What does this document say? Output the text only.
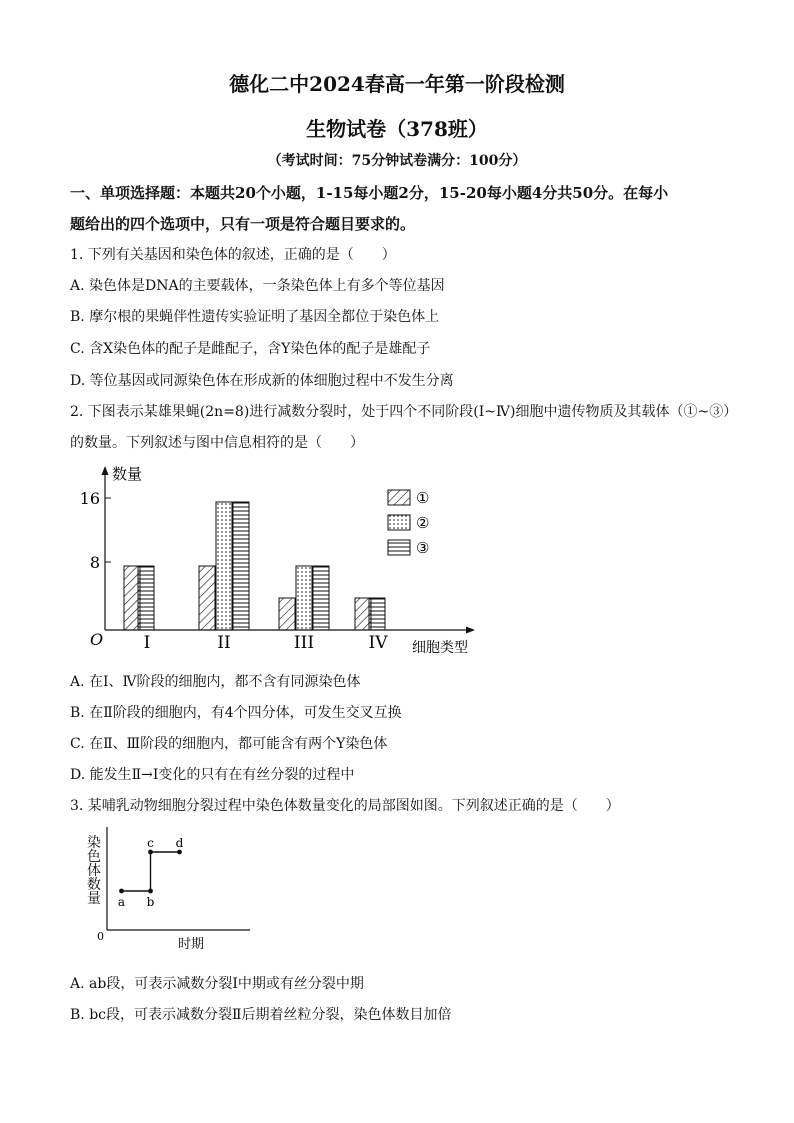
德化二中2024春高一年第一阶段检测
生物试卷（378班）
（考试时间：75分钟试卷满分：100分）
一、单项选择题：本题共20个小题，1-15每小题2分，15-20每小题4分共50分。在每小
题给出的四个选项中，只有一项是符合题目要求的。
1. 下列有关基因和染色体的叙述，正确的是（　　）
A. 染色体是DNA的主要载体，一条染色体上有多个等位基因
B. 摩尔根的果蝇伴性遗传实验证明了基因全都位于染色体上
C. 含X染色体的配子是雌配子，含Y染色体的配子是雄配子
D. 等位基因或同源染色体在形成新的体细胞过程中不发生分离
2. 下图表示某雄果蝇(2n=8)进行减数分裂时，处于四个不同阶段(I~Ⅳ)细胞中遗传物质及其载体（①~③）
的数量。下列叙述与图中信息相符的是（　　）
16
8
数量
细胞类型
O I	II	III	IV
①
②
③
A. 在Ⅰ、Ⅳ阶段的细胞内，都不含有同源染色体
B. 在Ⅱ阶段的细胞内，有4个四分体，可发生交叉互换
C. 在Ⅱ、Ⅲ阶段的细胞内，都可能含有两个Y染色体
D. 能发生Ⅱ→Ⅰ变化的只有在有丝分裂的过程中
3. 某哺乳动物细胞分裂过程中染色体数量变化的局部图如图。下列叙述正确的是（　　）
染色体数量 a b
c d
0
时期
A. ab段，可表示减数分裂Ⅰ中期或有丝分裂中期
B. bc段，可表示减数分裂Ⅱ后期着丝粒分裂，染色体数目加倍
